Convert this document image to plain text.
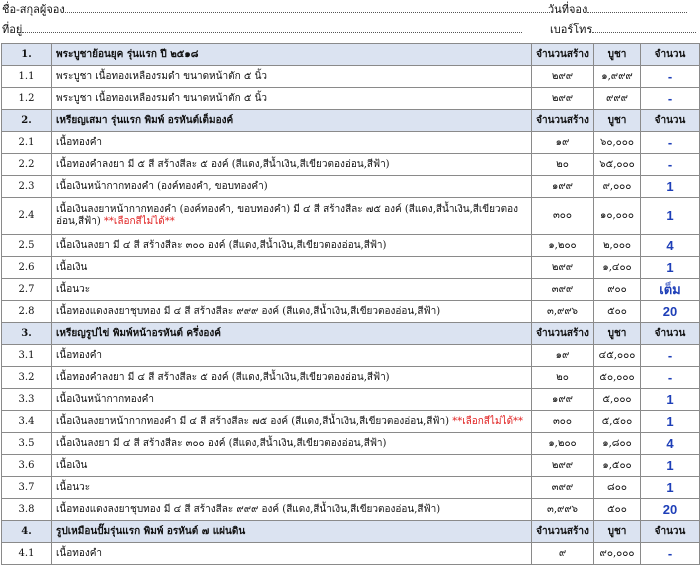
ชื่อ-สกุลผู้จอง	วันที่จอง
ที่อยู่	เบอร์โทร
1.	พระบูชาย้อนยุค รุ่นแรก ปี ๒๕๑๘	จำนวนสร้าง	บูชา	จำนวน
1.1	พระบูชา เนื้อทองเหลืองรมดำ ขนาดหน้าตัก ๕ นิ้ว	๒๙๙	๑,๙๙๙	-
1.2	พระบูชา เนื้อทองเหลืองรมดำ ขนาดหน้าตัก ๕ นิ้ว	๒๙๙	๙๙๙	-
2.	เหรียญเสมา รุ่นแรก พิมพ์ อรหันต์เต็มองค์	จำนวนสร้าง	บูชา	จำนวน
2.1	เนื้อทองคำ	๑๙	๖๐,๐๐๐	-
2.2	เนื้อทองคำลงยา มี ๕ สี สร้างสีละ ๕ องค์ (สีแดง,สีน้ำเงิน,สีเขียวตองอ่อน,สีฟ้า)	๒๐	๖๕,๐๐๐	-
2.3	เนื้อเงินหน้ากากทองคำ (องค์ทองคำ, ขอบทองคำ)	๑๙๙	๙,๐๐๐	1
2.4	เนื้อเงินลงยาหน้ากากทองคำ (องค์ทองคำ, ขอบทองคำ) มี ๔ สี สร้างสีละ ๗๕ องค์ (สีแดง,สีน้ำเงิน,สีเขียวตองอ่อน,สีฟ้า) **เลือกสีไม่ได้**	๓๐๐	๑๐,๐๐๐	1
2.5	เนื้อเงินลงยา มี ๔ สี สร้างสีละ ๓๐๐ องค์ (สีแดง,สีน้ำเงิน,สีเขียวตองอ่อน,สีฟ้า)	๑,๒๐๐	๒,๐๐๐	4
2.6	เนื้อเงิน	๒๙๙	๑,๔๐๐	1
2.7	เนื้อนวะ	๓๙๙	๙๐๐	เต็ม
2.8	เนื้อทองแดงลงยาชุบทอง มี ๔ สี สร้างสีละ ๙๙๙ องค์ (สีแดง,สีน้ำเงิน,สีเขียวตองอ่อน,สีฟ้า)	๓,๙๙๖	๕๐๐	20
3.	เหรียญรูปไข่ พิมพ์หน้าอรหันต์ ครึ่งองค์	จำนวนสร้าง	บูชา	จำนวน
3.1	เนื้อทองคำ	๑๙	๔๕,๐๐๐	-
3.2	เนื้อทองคำลงยา มี ๔ สี สร้างสีละ ๕ องค์ (สีแดง,สีน้ำเงิน,สีเขียวตองอ่อน,สีฟ้า)	๒๐	๕๐,๐๐๐	-
3.3	เนื้อเงินหน้ากากทองคำ	๑๙๙	๕,๐๐๐	1
3.4	เนื้อเงินลงยาหน้ากากทองคำ มี ๔ สี สร้างสีละ ๗๕ องค์ (สีแดง,สีน้ำเงิน,สีเขียวตองอ่อน,สีฟ้า) **เลือกสีไม่ได้**	๓๐๐	๕,๕๐๐	1
3.5	เนื้อเงินลงยา มี ๔ สี สร้างสีละ ๓๐๐ องค์ (สีแดง,สีน้ำเงิน,สีเขียวตองอ่อน,สีฟ้า)	๑,๒๐๐	๑,๘๐๐	4
3.6	เนื้อเงิน	๒๙๙	๑,๕๐๐	1
3.7	เนื้อนวะ	๓๙๙	๘๐๐	1
3.8	เนื้อทองแดงลงยาชุบทอง มี ๔ สี สร้างสีละ ๙๙๙ องค์ (สีแดง,สีน้ำเงิน,สีเขียวตองอ่อน,สีฟ้า)	๓,๙๙๖	๕๐๐	20
4.	รูปเหมือนปั๊มรุ่นแรก พิมพ์ อรหันต์ ๗ แผ่นดิน	จำนวนสร้าง	บูชา	จำนวน
4.1	เนื้อทองคำ	๙	๙๐,๐๐๐	-
